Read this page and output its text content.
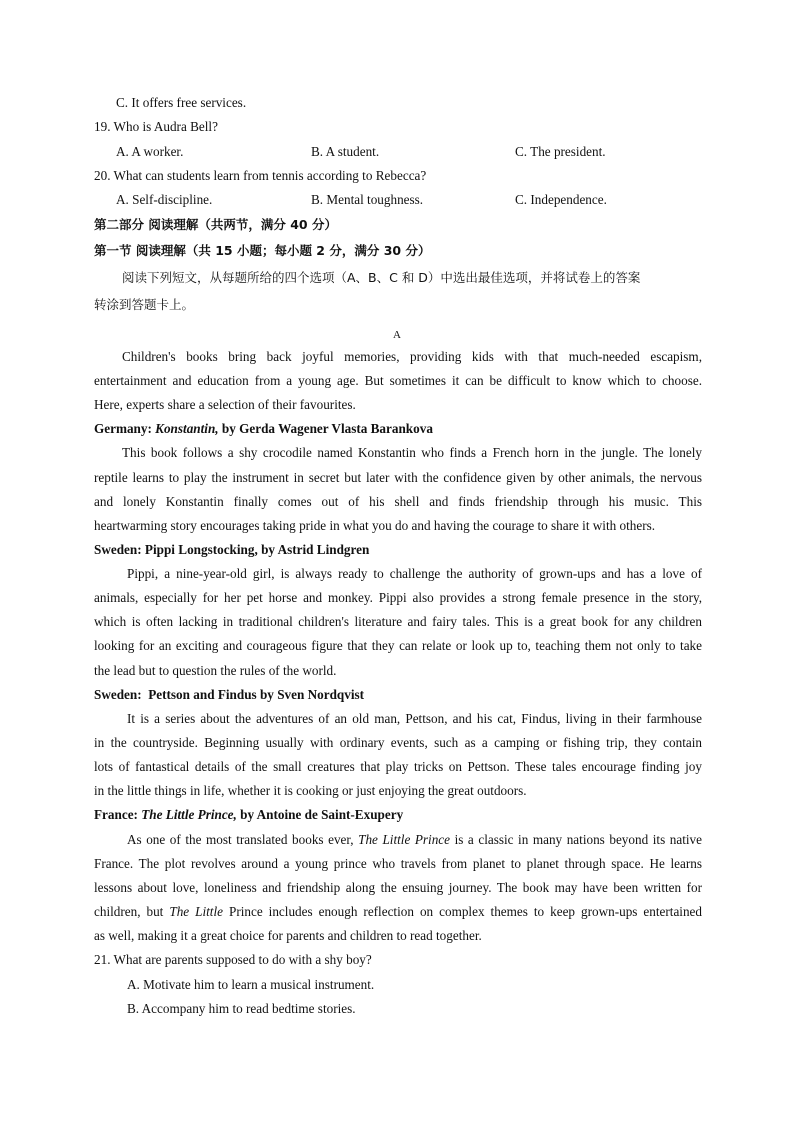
C. It offers free services.
19. Who is Audra Bell?
A. A worker.	B. A student.	C. The president.
20. What can students learn from tennis according to Rebecca?
A. Self-discipline.	B. Mental toughness.	C. Independence.
第二部分 阅读理解（共两节，满分 40 分）
第一节 阅读理解（共 15 小题；每小题 2 分，满分 30 分）
阅读下列短文，从每题所给的四个选项（A、B、C 和 D）中选出最佳选项，并将试卷上的答案
转涂到答题卡上。
A
Children's books bring back joyful memories, providing kids with that much-needed escapism,
entertainment and education from a young age. But sometimes it can be difficult to know which to choose.
Here, experts share a selection of their favourites.
Germany: Konstantin, by Gerda Wagener Vlasta Barankova
This book follows a shy crocodile named Konstantin who finds a French horn in the jungle. The lonely
reptile learns to play the instrument in secret but later with the confidence given by other animals, the nervous
and lonely Konstantin finally comes out of his shell and finds friendship through his music. This
heartwarming story encourages taking pride in what you do and having the courage to share it with others.
Sweden: Pippi Longstocking, by Astrid Lindgren
Pippi, a nine-year-old girl, is always ready to challenge the authority of grown-ups and has a love of
animals, especially for her pet horse and monkey. Pippi also provides a strong female presence in the story,
which is often lacking in traditional children's literature and fairy tales. This is a great book for any children
looking for an exciting and courageous figure that they can relate or look up to, teaching them not only to take
the lead but to question the rules of the world.
Sweden:  Pettson and Findus by Sven Nordqvist
It is a series about the adventures of an old man, Pettson, and his cat, Findus, living in their farmhouse
in the countryside. Beginning usually with ordinary events, such as a camping or fishing trip, they contain
lots of fantastical details of the small creatures that play tricks on Pettson. These tales encourage finding joy
in the little things in life, whether it is cooking or just enjoying the great outdoors.
France: The Little Prince, by Antoine de Saint-Exupery
As one of the most translated books ever, The Little Prince is a classic in many nations beyond its native
France. The plot revolves around a young prince who travels from planet to planet through space. He learns
lessons about love, loneliness and friendship along the ensuing journey. The book may have been written for
children, but The Little Prince includes enough reflection on complex themes to keep grown-ups entertained
as well, making it a great choice for parents and children to read together.
21. What are parents supposed to do with a shy boy?
A. Motivate him to learn a musical instrument.
B. Accompany him to read bedtime stories.
